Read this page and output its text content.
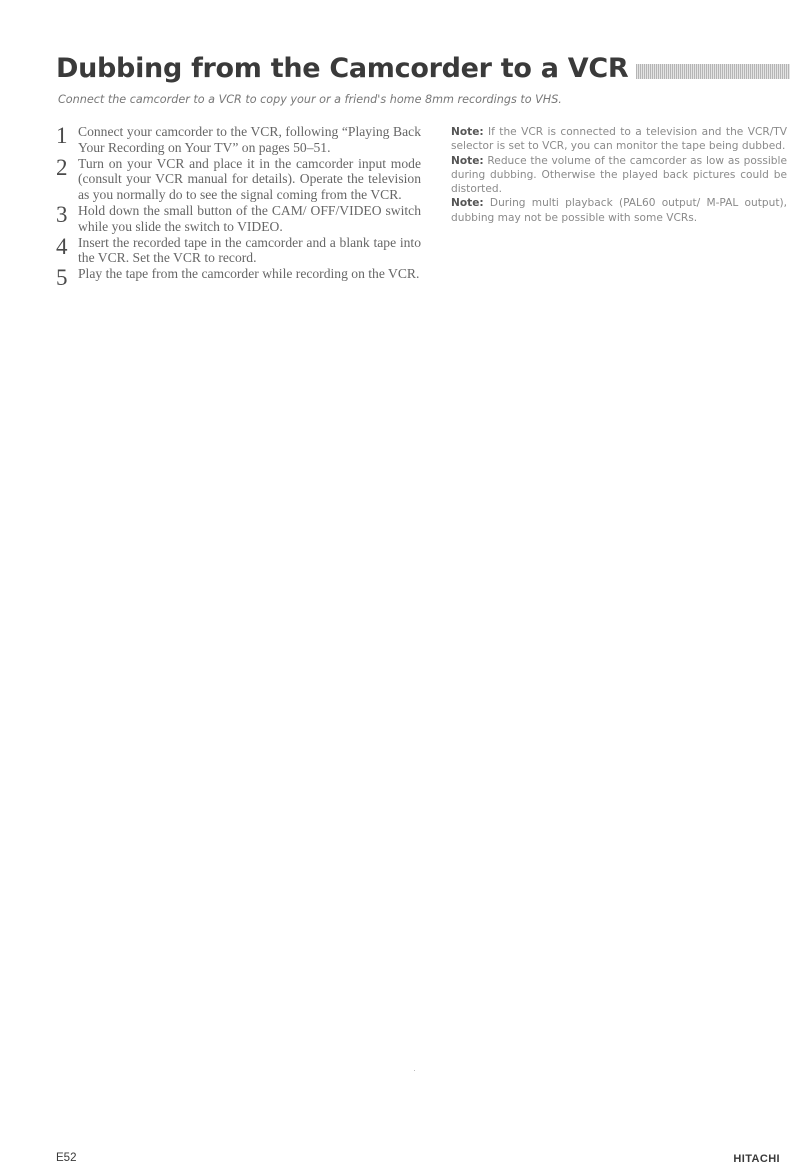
Dubbing from the Camcorder to a VCR
Connect the camcorder to a VCR to copy your or a friend's home 8mm recordings to VHS.
1 Connect your camcorder to the VCR, following “Playing Back Your Recording on Your TV” on pages 50–51.
2 Turn on your VCR and place it in the camcorder input mode (consult your VCR manual for details). Operate the television as you normally do to see the signal coming from the VCR.
3 Hold down the small button of the CAM/ OFF/VIDEO switch while you slide the switch to VIDEO.
4 Insert the recorded tape in the camcorder and a blank tape into the VCR. Set the VCR to record.
5 Play the tape from the camcorder while recording on the VCR.
Note: If the VCR is connected to a television and the VCR/TV selector is set to VCR, you can monitor the tape being dubbed.
Note: Reduce the volume of the camcorder as low as possible during dubbing. Otherwise the played back pictures could be distorted.
Note: During multi playback (PAL60 output/ M-PAL output), dubbing may not be possible with some VCRs.
E52	HITACHI
